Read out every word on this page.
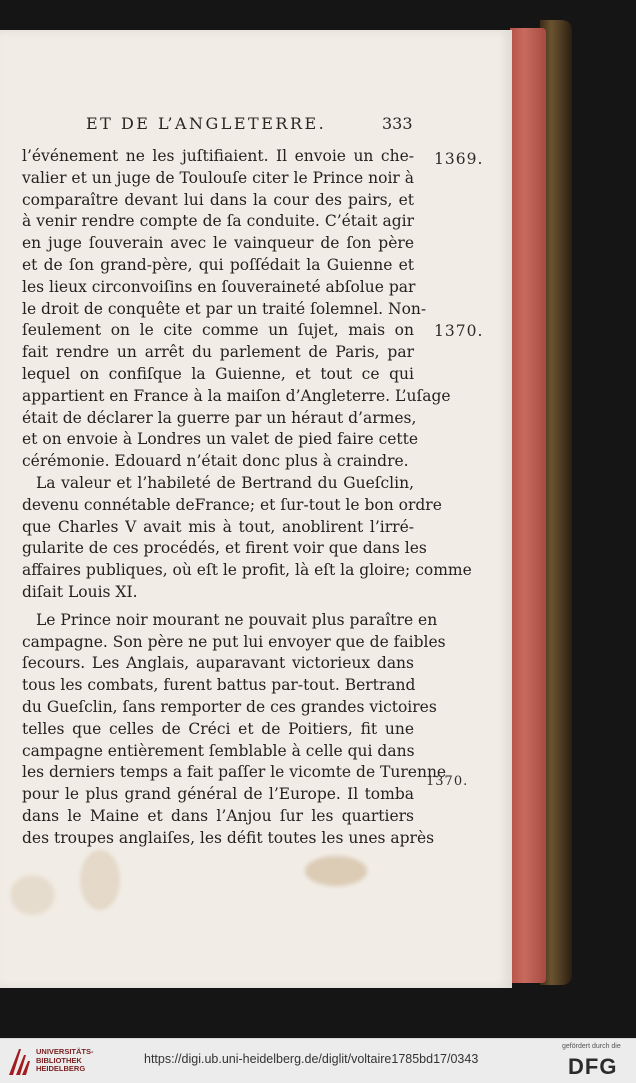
ET DE L’ANGLETERRE.	333
l’événement ne les juſtifiaient. Il envoie un che-
valier et un juge de Toulouſe citer le Prince noir à
comparaître devant lui dans la cour des pairs, et
à venir rendre compte de ſa conduite. C’était agir
en juge ſouverain avec le vainqueur de ſon père
et de ſon grand-père, qui poſſédait la Guienne et
les lieux circonvoiſins en ſouveraineté abſolue par
le droit de conquête et par un traité ſolemnel. Non-
ſeulement on le cite comme un ſujet, mais on
fait rendre un arrêt du parlement de Paris, par
lequel on confiſque la Guienne, et tout ce qui
appartient en France à la maiſon d’Angleterre. L’uſage
était de déclarer la guerre par un héraut d’armes,
et on envoie à Londres un valet de pied faire cette
cérémonie. Edouard n’était donc plus à craindre.
La valeur et l’habileté de Bertrand du Gueſclin,
devenu connétable deFrance; et ſur-tout le bon ordre
que Charles V avait mis à tout, anoblirent l’irré-
gularite de ces procédés, et firent voir que dans les
affaires publiques, où eſt le profit, là eſt la gloire; comme
diſait Louis XI.
Le Prince noir mourant ne pouvait plus paraître en
campagne. Son père ne put lui envoyer que de faibles
ſecours. Les Anglais, auparavant victorieux dans
tous les combats, furent battus par-tout. Bertrand
du Gueſclin, ſans remporter de ces grandes victoires
telles que celles de Créci et de Poitiers, fit une
campagne entièrement ſemblable à celle qui dans
les derniers temps a fait paſſer le vicomte de Turenne
pour le plus grand général de l’Europe. Il tomba
dans le Maine et dans l’Anjou ſur les quartiers
des troupes anglaiſes, les défit toutes les unes après
1369.
1370.
1370.
UNIVERSITÄTS-
BIBLIOTHEK
HEIDELBERG
https://digi.ub.uni-heidelberg.de/diglit/voltaire1785bd17/0343
gefördert durch die
DFG
